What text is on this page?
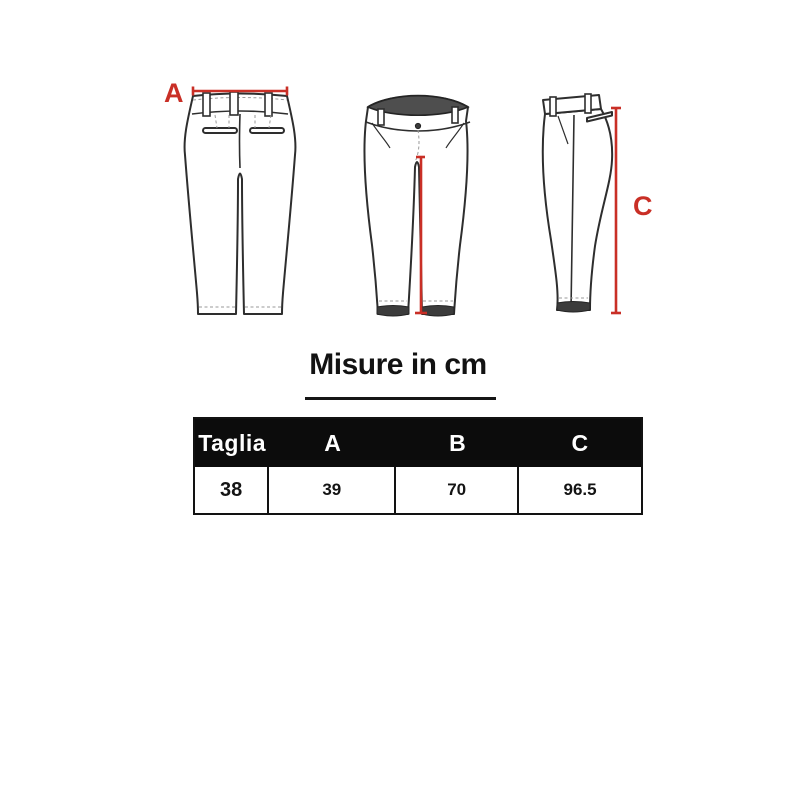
A
C
Misure in cm
Taglia	A	B	C
38	39	70	96.5
